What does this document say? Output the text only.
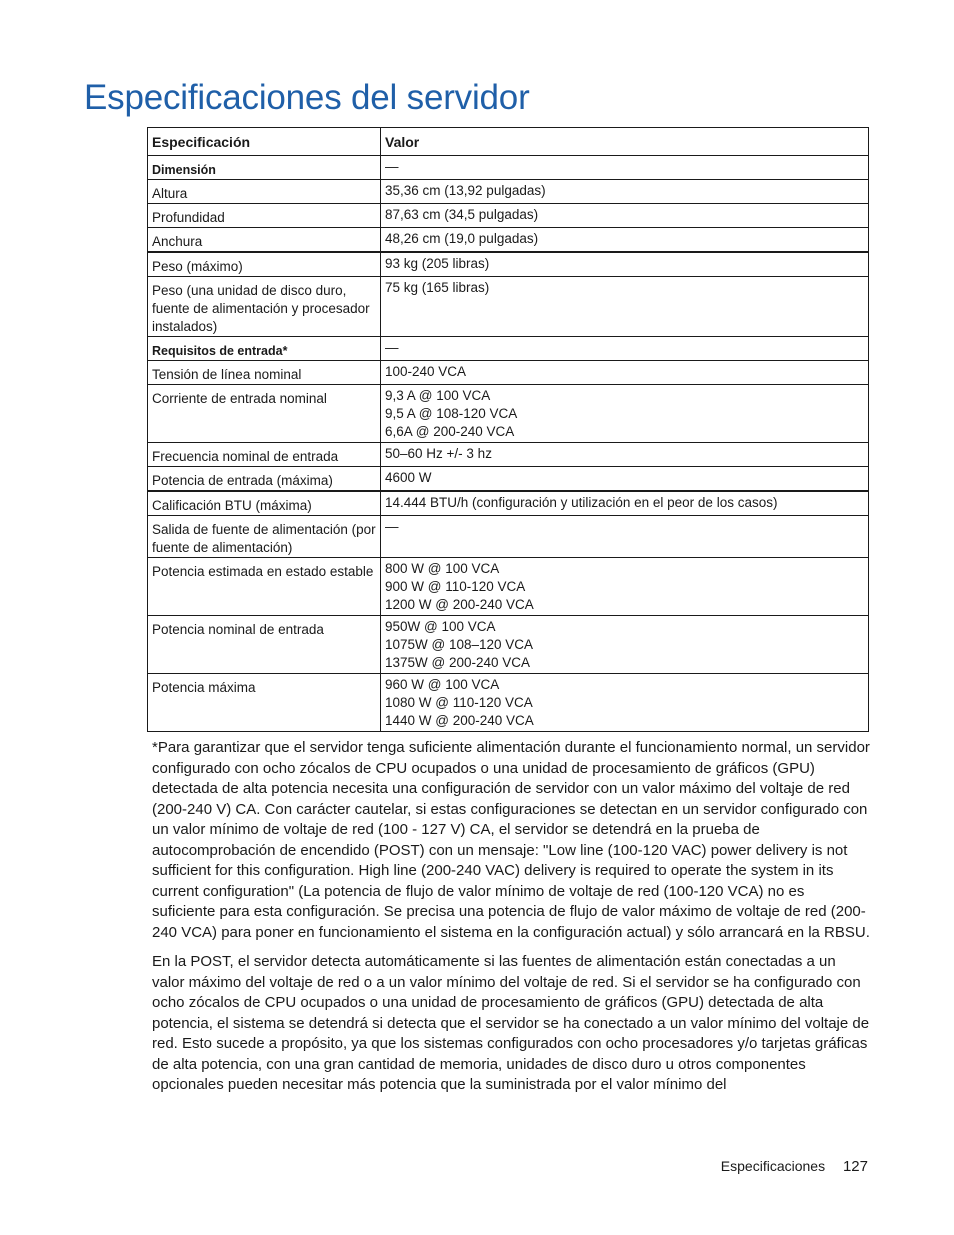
Especificaciones del servidor
Especificación	Valor
Dimensión	—

Altura	35,36 cm (13,92 pulgadas)

Profundidad	87,63 cm (34,5 pulgadas)

Anchura	48,26 cm (19,0 pulgadas)

Peso (máximo)	93 kg (205 libras)

Peso (una unidad de disco duro, fuente de alimentación y procesador instalados)	75 kg (165 libras)

Requisitos de entrada*	—

Tensión de línea nominal	100-240 VCA

Corriente de entrada nominal	9,3 A @ 100 VCA
9,5 A @ 108-120 VCA
6,6A @ 200-240 VCA

Frecuencia nominal de entrada	50–60 Hz +/- 3 hz

Potencia de entrada (máxima)	4600 W

Calificación BTU (máxima)	14.444 BTU/h (configuración y utilización en el peor de los casos)

Salida de fuente de alimentación (por fuente de alimentación)	—

Potencia estimada en estado estable	800 W @ 100 VCA
900 W @ 110-120 VCA
1200 W @ 200-240 VCA

Potencia nominal de entrada	950W @ 100 VCA
1075W @ 108–120 VCA
1375W @ 200-240 VCA

Potencia máxima	960 W @ 100 VCA
1080 W @ 110-120 VCA
1440 W @ 200-240 VCA

*Para garantizar que el servidor tenga suficiente alimentación durante el funcionamiento normal, un servidor configurado con ocho zócalos de CPU ocupados o una unidad de procesamiento de gráficos (GPU) detectada de alta potencia necesita una configuración de servidor con un valor máximo del voltaje de red (200-240 V) CA. Con carácter cautelar, si estas configuraciones se detectan en un servidor configurado con un valor mínimo de voltaje de red (100 - 127 V) CA, el servidor se detendrá en la prueba de autocomprobación de encendido (POST) con un mensaje: "Low line (100-120 VAC) power delivery is not sufficient for this configuration. High line (200-240 VAC) delivery is required to operate the system in its current configuration" (La potencia de flujo de valor mínimo de voltaje de red (100-120 VCA) no es suficiente para esta configuración. Se precisa una potencia de flujo de valor máximo de voltaje de red (200-240 VCA) para poner en funcionamiento el sistema en la configuración actual) y sólo arrancará en la RBSU.

En la POST, el servidor detecta automáticamente si las fuentes de alimentación están conectadas a un valor máximo del voltaje de red o a un valor mínimo del voltaje de red. Si el servidor se ha configurado con ocho zócalos de CPU ocupados o una unidad de procesamiento de gráficos (GPU) detectada de alta potencia, el sistema se detendrá si detecta que el servidor se ha conectado a un valor mínimo del voltaje de red. Esto sucede a propósito, ya que los sistemas configurados con ocho procesadores y/o tarjetas gráficas de alta potencia, con una gran cantidad de memoria, unidades de disco duro u otros componentes opcionales pueden necesitar más potencia que la suministrada por el valor mínimo del

Especificaciones 127
